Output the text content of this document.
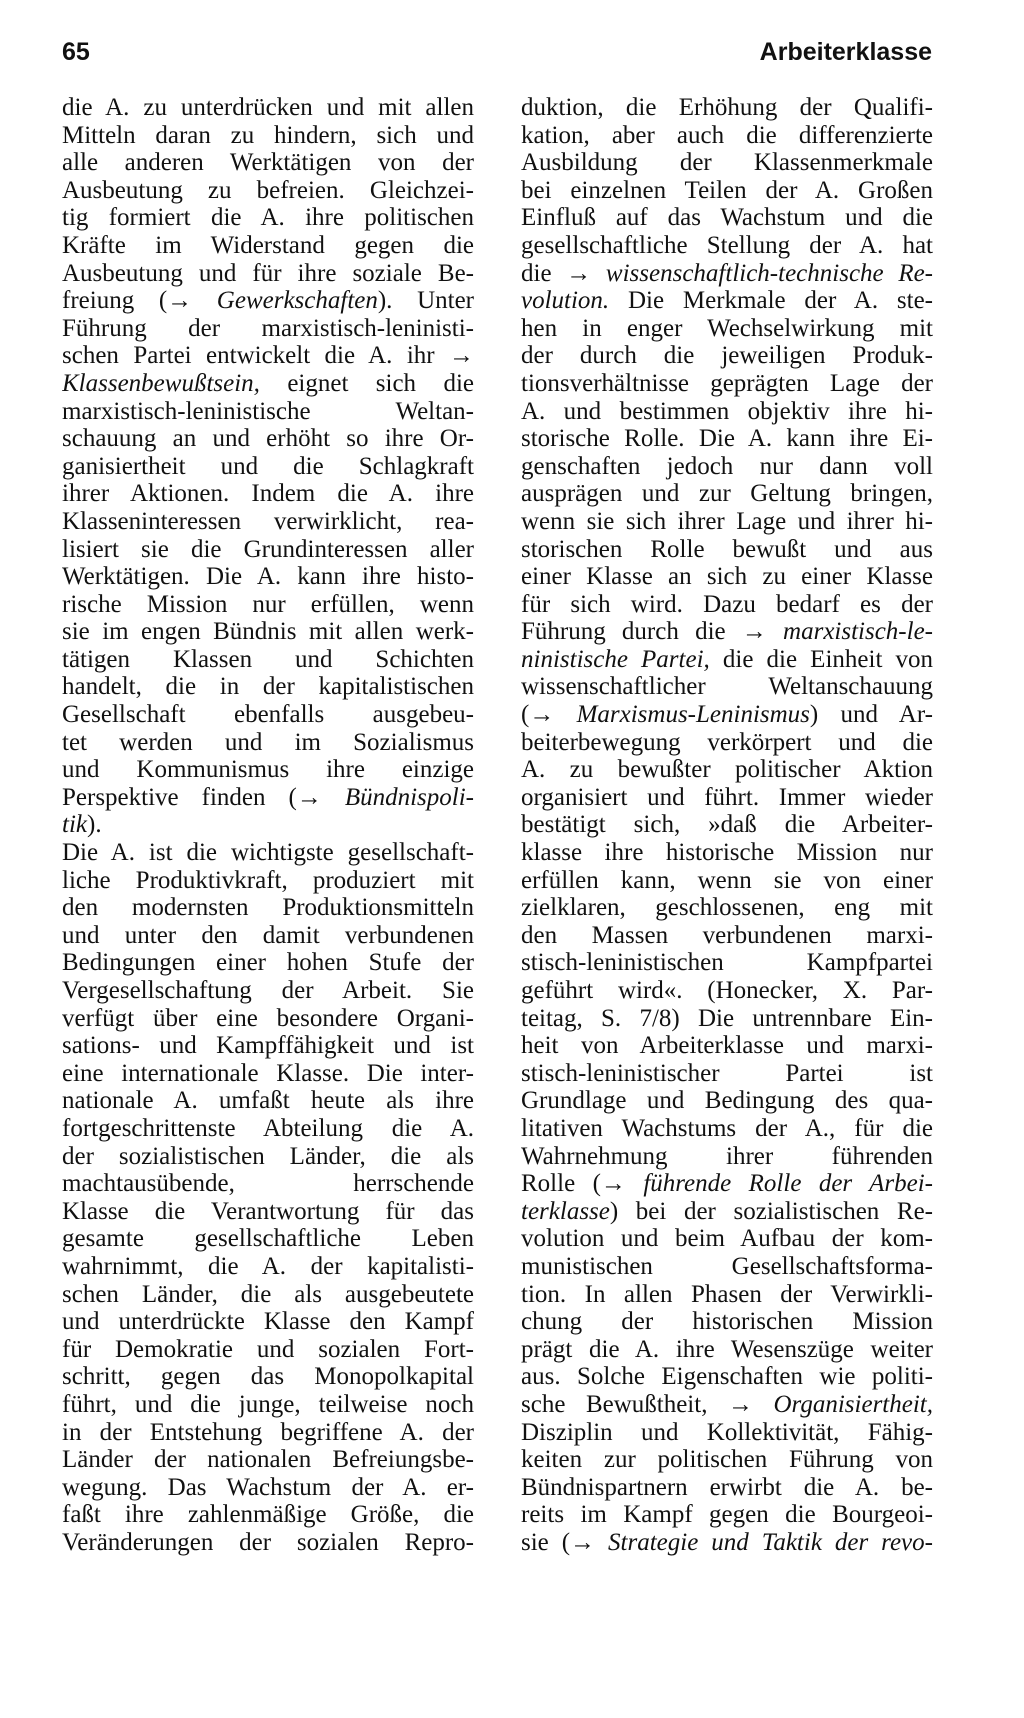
65	Arbeiterklasse
die A. zu unterdrücken und mit allen
Mitteln daran zu hindern, sich und
alle anderen Werktätigen von der
Ausbeutung zu befreien. Gleichzei-
tig formiert die A. ihre politischen
Kräfte im Widerstand gegen die
Ausbeutung und für ihre soziale Be-
freiung (→ Gewerkschaften). Unter
Führung der marxistisch-leninisti-
schen Partei entwickelt die A. ihr →
Klassenbewußtsein, eignet sich die
marxistisch-leninistische Weltan-
schauung an und erhöht so ihre Or-
ganisiertheit und die Schlagkraft
ihrer Aktionen. Indem die A. ihre
Klasseninteressen verwirklicht, rea-
lisiert sie die Grundinteressen aller
Werktätigen. Die A. kann ihre histo-
rische Mission nur erfüllen, wenn
sie im engen Bündnis mit allen werk-
tätigen Klassen und Schichten
handelt, die in der kapitalistischen
Gesellschaft ebenfalls ausgebeu-
tet werden und im Sozialismus
und Kommunismus ihre einzige
Perspektive finden (→ Bündnispoli-
tik).
Die A. ist die wichtigste gesellschaft-
liche Produktivkraft, produziert mit
den modernsten Produktionsmitteln
und unter den damit verbundenen
Bedingungen einer hohen Stufe der
Vergesellschaftung der Arbeit. Sie
verfügt über eine besondere Organi-
sations- und Kampffähigkeit und ist
eine internationale Klasse. Die inter-
nationale A. umfaßt heute als ihre
fortgeschrittenste Abteilung die A.
der sozialistischen Länder, die als
machtausübende, herrschende
Klasse die Verantwortung für das
gesamte gesellschaftliche Leben
wahrnimmt, die A. der kapitalisti-
schen Länder, die als ausgebeutete
und unterdrückte Klasse den Kampf
für Demokratie und sozialen Fort-
schritt, gegen das Monopolkapital
führt, und die junge, teilweise noch
in der Entstehung begriffene A. der
Länder der nationalen Befreiungsbe-
wegung. Das Wachstum der A. er-
faßt ihre zahlenmäßige Größe, die
Veränderungen der sozialen Repro-
duktion, die Erhöhung der Qualifi-
kation, aber auch die differenzierte
Ausbildung der Klassenmerkmale
bei einzelnen Teilen der A. Großen
Einfluß auf das Wachstum und die
gesellschaftliche Stellung der A. hat
die → wissenschaftlich-technische Re-
volution. Die Merkmale der A. ste-
hen in enger Wechselwirkung mit
der durch die jeweiligen Produk-
tionsverhältnisse geprägten Lage der
A. und bestimmen objektiv ihre hi-
storische Rolle. Die A. kann ihre Ei-
genschaften jedoch nur dann voll
ausprägen und zur Geltung bringen,
wenn sie sich ihrer Lage und ihrer hi-
storischen Rolle bewußt und aus
einer Klasse an sich zu einer Klasse
für sich wird. Dazu bedarf es der
Führung durch die → marxistisch-le-
ninistische Partei, die die Einheit von
wissenschaftlicher Weltanschauung
(→ Marxismus-Leninismus) und Ar-
beiterbewegung verkörpert und die
A. zu bewußter politischer Aktion
organisiert und führt. Immer wieder
bestätigt sich, »daß die Arbeiter-
klasse ihre historische Mission nur
erfüllen kann, wenn sie von einer
zielklaren, geschlossenen, eng mit
den Massen verbundenen marxi-
stisch-leninistischen Kampfpartei
geführt wird«. (Honecker, X. Par-
teitag, S. 7/8) Die untrennbare Ein-
heit von Arbeiterklasse und marxi-
stisch-leninistischer Partei ist
Grundlage und Bedingung des qua-
litativen Wachstums der A., für die
Wahrnehmung ihrer führenden
Rolle (→ führende Rolle der Arbei-
terklasse) bei der sozialistischen Re-
volution und beim Aufbau der kom-
munistischen Gesellschaftsforma-
tion. In allen Phasen der Verwirkli-
chung der historischen Mission
prägt die A. ihre Wesenszüge weiter
aus. Solche Eigenschaften wie politi-
sche Bewußtheit, → Organisiertheit,
Disziplin und Kollektivität, Fähig-
keiten zur politischen Führung von
Bündnispartnern erwirbt die A. be-
reits im Kampf gegen die Bourgeoi-
sie (→ Strategie und Taktik der revo-
